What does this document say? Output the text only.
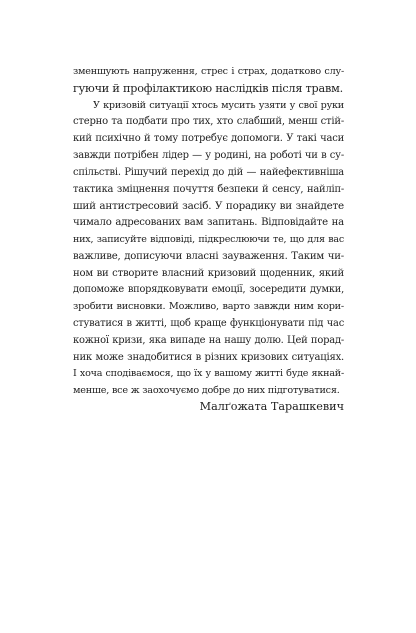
зменшують напруження, стрес і страх, додатково слу-
гуючи й профілактикою наслідків після травм.
У кризовій ситуації хтось мусить узяти у свої руки
стерно та подбати про тих, хто слабший, менш стій-
кий психічно й тому потребує допомоги. У такі часи
завжди потрібен лідер — у родині, на роботі чи в су-
спільстві. Рішучий перехід до дій — найефективніша
тактика зміцнення почуття безпеки й сенсу, найліп-
ший антистресовий засіб. У порадику ви знайдете
чимало адресованих вам запитань. Відповідайте на
них, записуйте відповіді, підкреслюючи те, що для вас
важливе, дописуючи власні зауваження. Таким чи-
ном ви створите власний кризовий щоденник, який
допоможе впорядковувати емоції, зосередити думки,
зробити висновки. Можливо, варто завжди ним кори-
стуватися в житті, щоб краще функціонувати під час
кожної кризи, яка випаде на нашу долю. Цей порад-
ник може знадобитися в різних кризових ситуаціях.
І хоча сподіваємося, що їх у вашому житті буде якнай-
менше, все ж заохочуємо добре до них підготуватися.
Малґожата Тарашкевич
